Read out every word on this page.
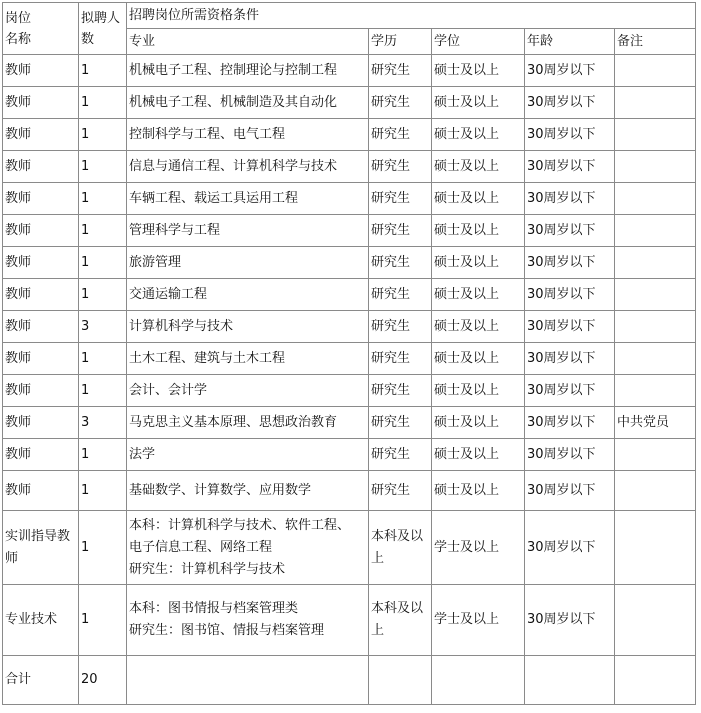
岗位
名称	拟聘人
数	招聘岗位所需资格条件				
		专业	学历	学位	年龄	备注
教师	1	机械电子工程、控制理论与控制工程	研究生	硕士及以上	30周岁以下	
教师	1	机械电子工程、机械制造及其自动化	研究生	硕士及以上	30周岁以下	
教师	1	控制科学与工程、电气工程	研究生	硕士及以上	30周岁以下	
教师	1	信息与通信工程、计算机科学与技术	研究生	硕士及以上	30周岁以下	
教师	1	车辆工程、载运工具运用工程	研究生	硕士及以上	30周岁以下	
教师	1	管理科学与工程	研究生	硕士及以上	30周岁以下	
教师	1	旅游管理	研究生	硕士及以上	30周岁以下	
教师	1	交通运输工程	研究生	硕士及以上	30周岁以下	
教师	3	计算机科学与技术	研究生	硕士及以上	30周岁以下	
教师	1	土木工程、建筑与土木工程	研究生	硕士及以上	30周岁以下	
教师	1	会计、会计学	研究生	硕士及以上	30周岁以下	
教师	3	马克思主义基本原理、思想政治教育	研究生	硕士及以上	30周岁以下	中共党员
教师	1	法学	研究生	硕士及以上	30周岁以下	
教师	1	基础数学、计算数学、应用数学	研究生	硕士及以上	30周岁以下	

实训指导教
师	1	本科：计算机科学与技术、软件工程、
电子信息工程、网络工程
研究生：计算机科学与技术	本科及以
上	学士及以上	30周岁以下	
专业技术	1	本科：图书情报与档案管理类
研究生：图书馆、情报与档案管理	本科及以
上	学士及以上	30周岁以下	
合计	20					
